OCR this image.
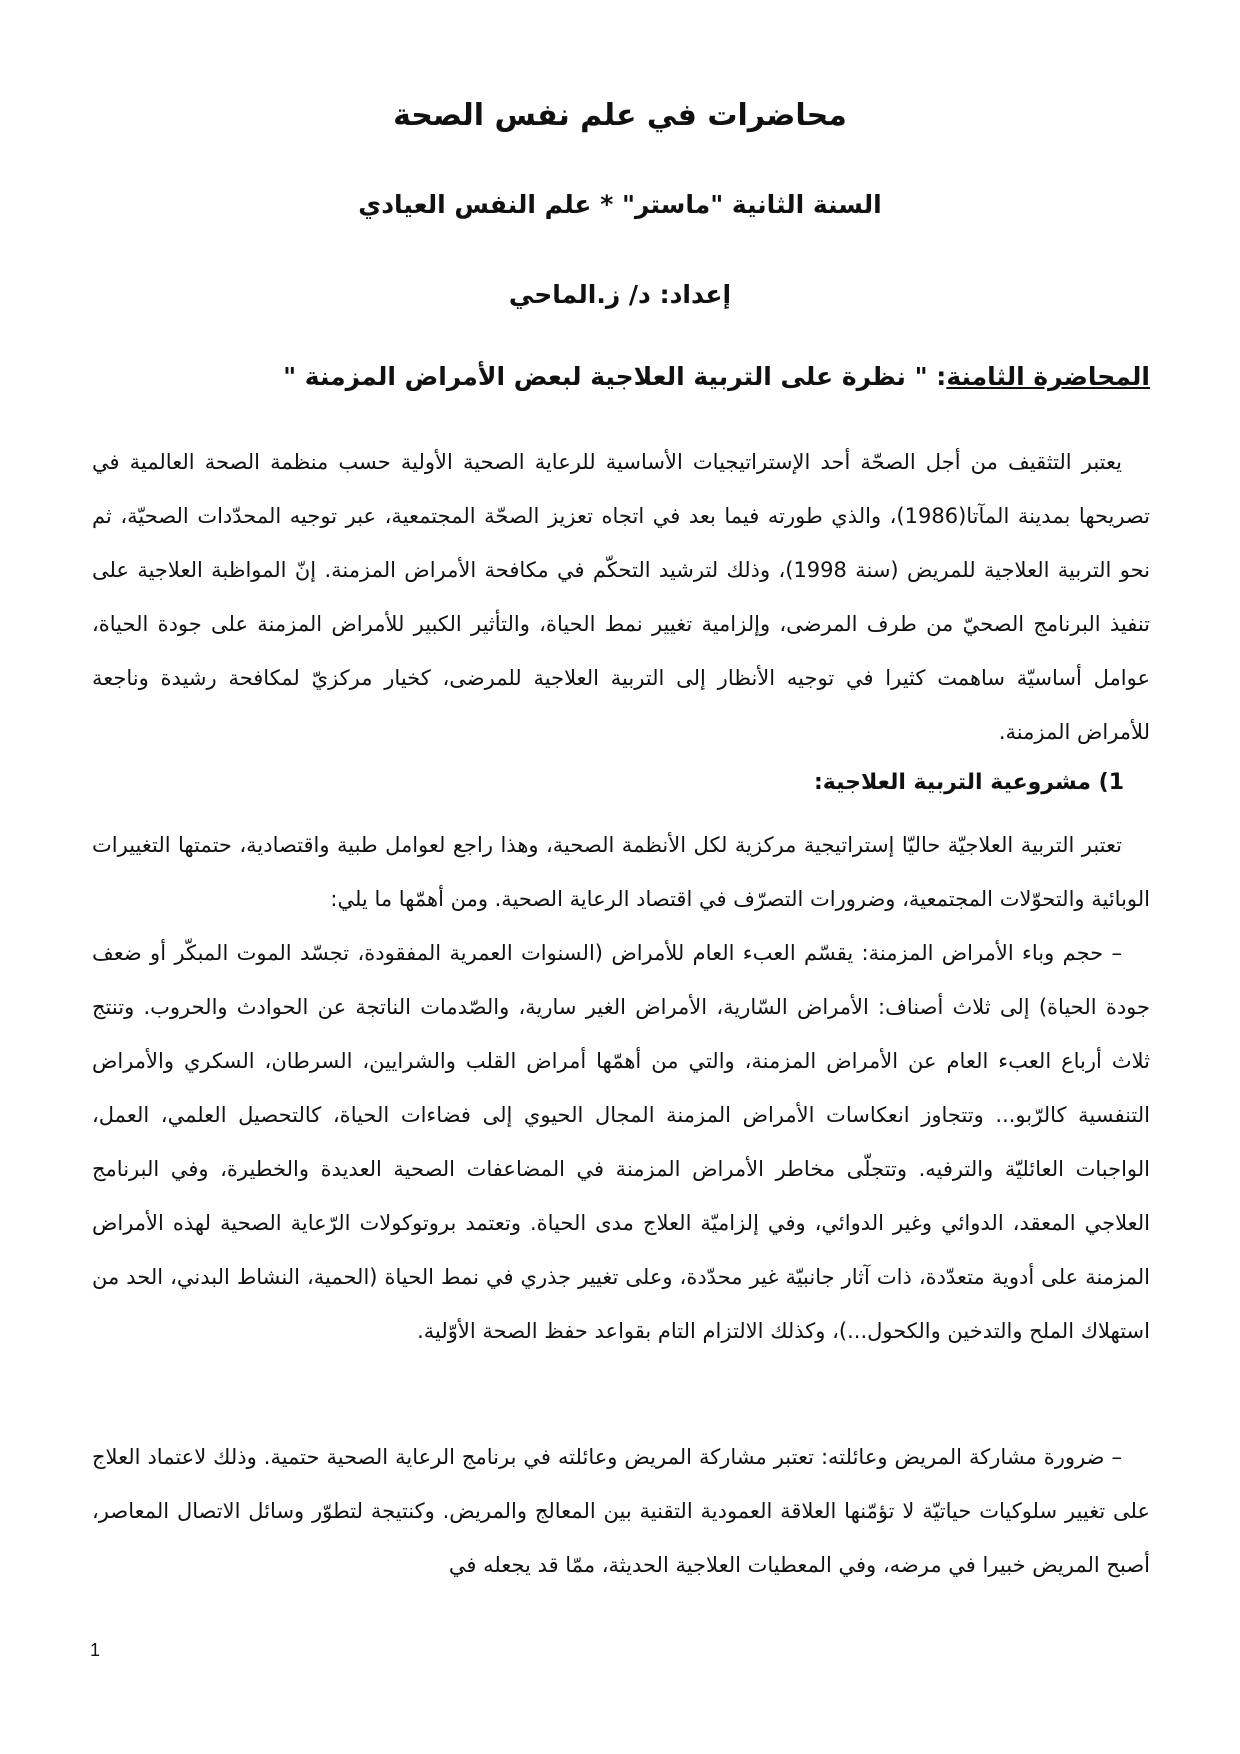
محاضرات في علم نفس الصحة
السنة الثانية "ماستر" * علم النفس العيادي
إعداد: د/ ز.الماحي
المحاضرة الثامنة: " نظرة على التربية العلاجية لبعض الأمراض المزمنة "

يعتبر التثقيف من أجل الصحّة أحد الإستراتيجيات الأساسية للرعاية الصحية الأولية حسب منظمة الصحة العالمية في تصريحها بمدينة المآتا(1986)، والذي طورته فيما بعد في اتجاه تعزيز الصحّة المجتمعية، عبر توجيه المحدّدات الصحيّة، ثم نحو التربية العلاجية للمريض (سنة 1998)، وذلك لترشيد التحكّم في مكافحة الأمراض المزمنة. إنّ المواظبة العلاجية على تنفيذ البرنامج الصحيّ من طرف المرضى، وإلزامية تغيير نمط الحياة، والتأثير الكبير للأمراض المزمنة على جودة الحياة، عوامل أساسيّة ساهمت كثيرا في توجيه الأنظار إلى التربية العلاجية للمرضى، كخيار مركزيّ لمكافحة رشيدة وناجعة للأمراض المزمنة.

1) مشروعية التربية العلاجية:

تعتبر التربية العلاجيّة حاليّا إستراتيجية مركزية لكل الأنظمة الصحية، وهذا راجع لعوامل طبية واقتصادية، حتمتها التغييرات الوبائية والتحوّلات المجتمعية، وضرورات التصرّف في اقتصاد الرعاية الصحية. ومن أهمّها ما يلي:

– حجم وباء الأمراض المزمنة: يقسّم العبء العام للأمراض (السنوات العمرية المفقودة، تجسّد الموت المبكّر أو ضعف جودة الحياة) إلى ثلاث أصناف: الأمراض السّارية، الأمراض الغير سارية، والصّدمات الناتجة عن الحوادث والحروب. وتنتج ثلاث أرباع العبء العام عن الأمراض المزمنة، والتي من أهمّها أمراض القلب والشرايين، السرطان، السكري والأمراض التنفسية كالرّبو... وتتجاوز انعكاسات الأمراض المزمنة المجال الحيوي إلى فضاءات الحياة، كالتحصيل العلمي، العمل، الواجبات العائليّة والترفيه. وتتجلّى مخاطر الأمراض المزمنة في المضاعفات الصحية العديدة والخطيرة، وفي البرنامج العلاجي المعقد، الدوائي وغير الدوائي، وفي إلزاميّة العلاج مدى الحياة. وتعتمد بروتوكولات الرّعاية الصحية لهذه الأمراض المزمنة على أدوية متعدّدة، ذات آثار جانبيّة غير محدّدة، وعلى تغيير جذري في نمط الحياة (الحمية، النشاط البدني، الحد من استهلاك الملح والتدخين والكحول...)، وكذلك الالتزام التام بقواعد حفظ الصحة الأوّلية.

– ضرورة مشاركة المريض وعائلته: تعتبر مشاركة المريض وعائلته في برنامج الرعاية الصحية حتمية. وذلك لاعتماد العلاج على تغيير سلوكيات حياتيّة لا تؤمّنها العلاقة العمودية التقنية بين المعالج والمريض. وكنتيجة لتطوّر وسائل الاتصال المعاصر، أصبح المريض خبيرا في مرضه، وفي المعطيات العلاجية الحديثة، ممّا قد يجعله في

1
